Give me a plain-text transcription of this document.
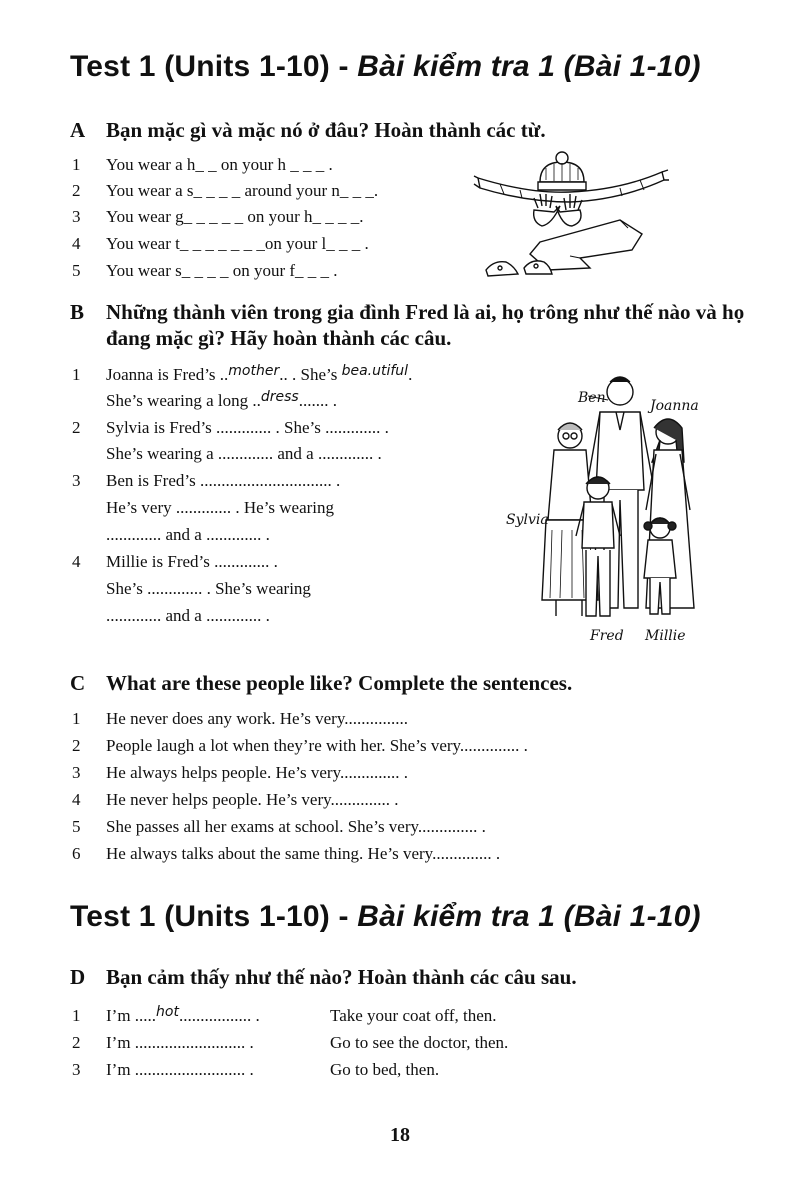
Test 1 (Units 1-10) - Bài kiểm tra 1 (Bài 1-10)
A Bạn mặc gì và mặc nó ở đâu? Hoàn thành các từ.
1 You wear a h_ _ on your h _ _ _ .
2 You wear a s_ _ _ _ around your n_ _ _.
3 You wear g_ _ _ _ _ on your h_ _ _ _.
4 You wear t_ _ _ _ _ _ _on your l_ _ _ .
5 You wear s_ _ _ _ on your f_ _ _ .
B Những thành viên trong gia đình Fred là ai, họ trông như thế nào và họ đang mặc gì? Hãy hoàn thành các câu.
1 Joanna is Fred’s ..$^{mother}$.. . She’s $^{bea.utiful}$.
She’s wearing a long ..$^{dress}$....... .
2 Sylvia is Fred’s ............. . She’s ............. .
She’s wearing a ............. and a ............. .
3 Ben is Fred’s ............................... .
He’s very ............. . He’s wearing
............. and a ............. .
4 Millie is Fred’s ............. .
She’s ............. . She’s wearing
............. and a ............. .
Ben	Joanna
Sylvia
Fred Millie
C What are these people like? Complete the sentences.
1 He never does any work. He’s very...............
2 People laugh a lot when they’re with her. She’s very.............. .
3 He always helps people. He’s very.............. .
4 He never helps people. He’s very.............. .
5 She passes all her exams at school. She’s very.............. .
6 He always talks about the same thing. He’s very.............. .
Test 1 (Units 1-10) - Bài kiểm tra 1 (Bài 1-10)
D Bạn cảm thấy như thế nào? Hoàn thành các câu sau.
1 I’m .....$^{hot}$................. .	Take your coat off, then.
2 I’m .......................... .	Go to see the doctor, then.
3 I’m .......................... .	Go to bed, then.
18
